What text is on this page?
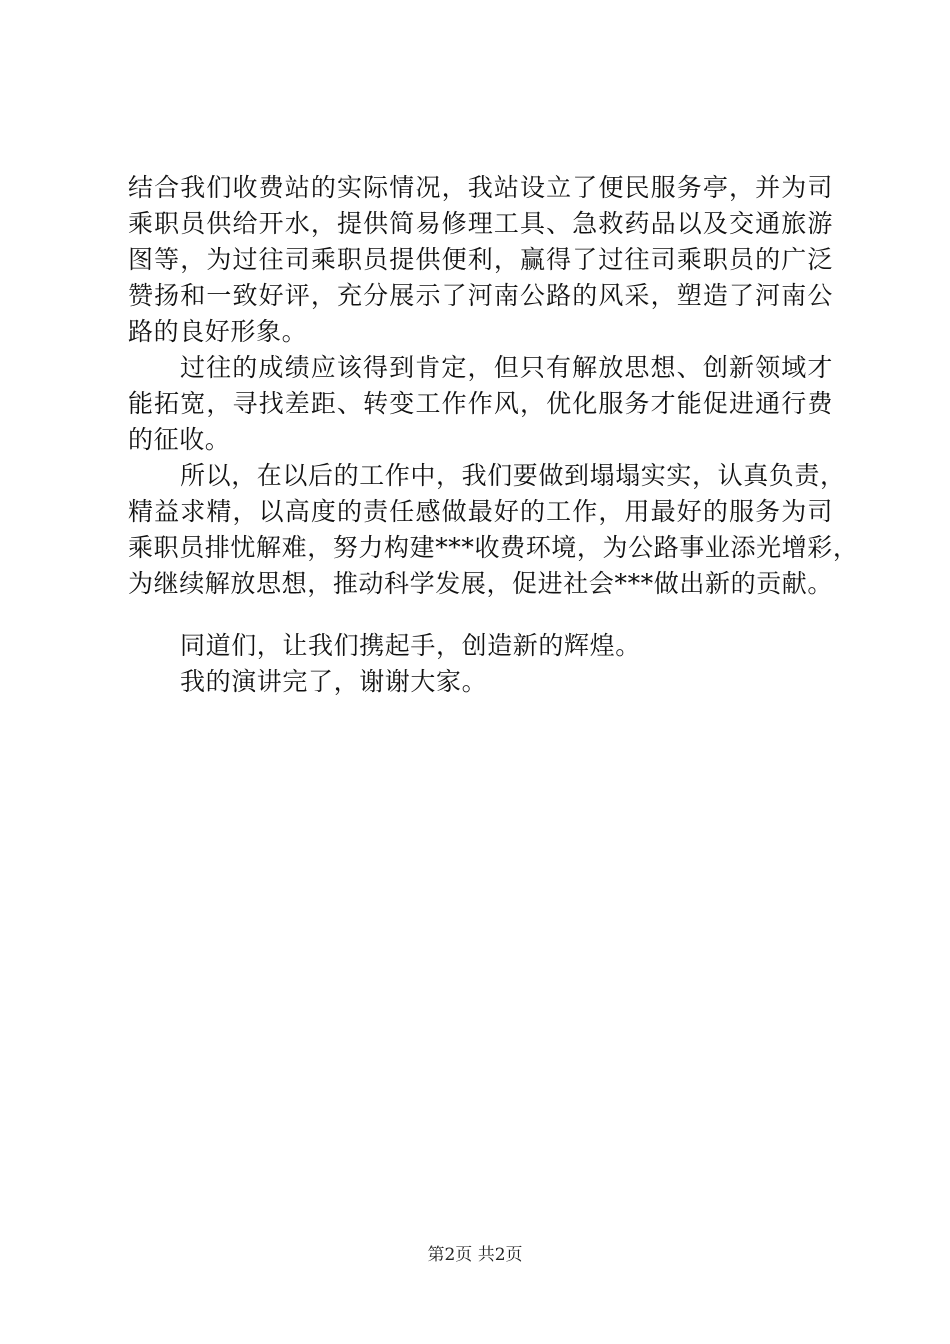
结合我们收费站的实际情况，我站设立了便民服务亭，并为司
乘职员供给开水，提供简易修理工具、急救药品以及交通旅游
图等，为过往司乘职员提供便利，赢得了过往司乘职员的广泛
赞扬和一致好评，充分展示了河南公路的风采，塑造了河南公
路的良好形象。
过往的成绩应该得到肯定，但只有解放思想、创新领域才
能拓宽，寻找差距、转变工作作风，优化服务才能促进通行费
的征收。
所以，在以后的工作中，我们要做到塌塌实实，认真负责，
精益求精，以高度的责任感做最好的工作，用最好的服务为司
乘职员排忧解难，努力构建***收费环境，为公路事业添光增彩，
为继续解放思想，推动科学发展，促进社会***做出新的贡献。
同道们，让我们携起手，创造新的辉煌。
我的演讲完了，谢谢大家。
第2页 共2页
